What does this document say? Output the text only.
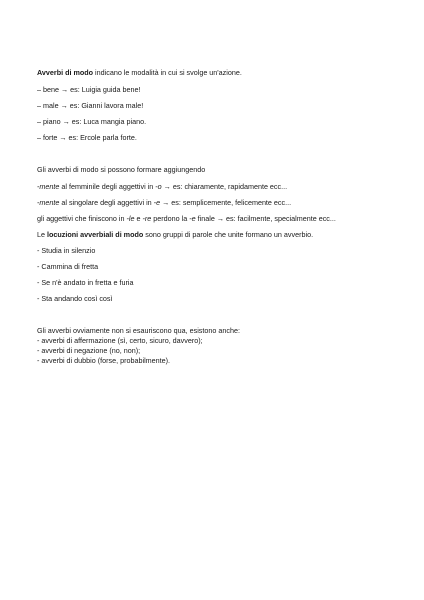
Avverbi di modo indicano le modalità in cui si svolge un'azione.
– bene → es: Luigia guida bene!
– male → es: Gianni lavora male!
– piano → es: Luca mangia piano.
– forte → es: Ercole parla forte.
Gli avverbi di modo si possono formare aggiungendo
-mente al femminile degli aggettivi in -o → es: chiaramente, rapidamente ecc...
-mente al singolare degli aggettivi in -e → es: semplicemente, felicemente ecc...
gli aggettivi che finiscono in -le e -re perdono la -e finale → es: facilmente, specialmente ecc...
Le locuzioni avverbiali di modo sono gruppi di parole che unite formano un avverbio.
- Studia in silenzio
- Cammina di fretta
- Se n'è andato in fretta e furia
- Sta andando così così
Gli avverbi ovviamente non si esauriscono qua, esistono anche:
- avverbi di affermazione (sì, certo, sicuro, davvero);
- avverbi di negazione (no, non);
- avverbi di dubbio (forse, probabilmente).
